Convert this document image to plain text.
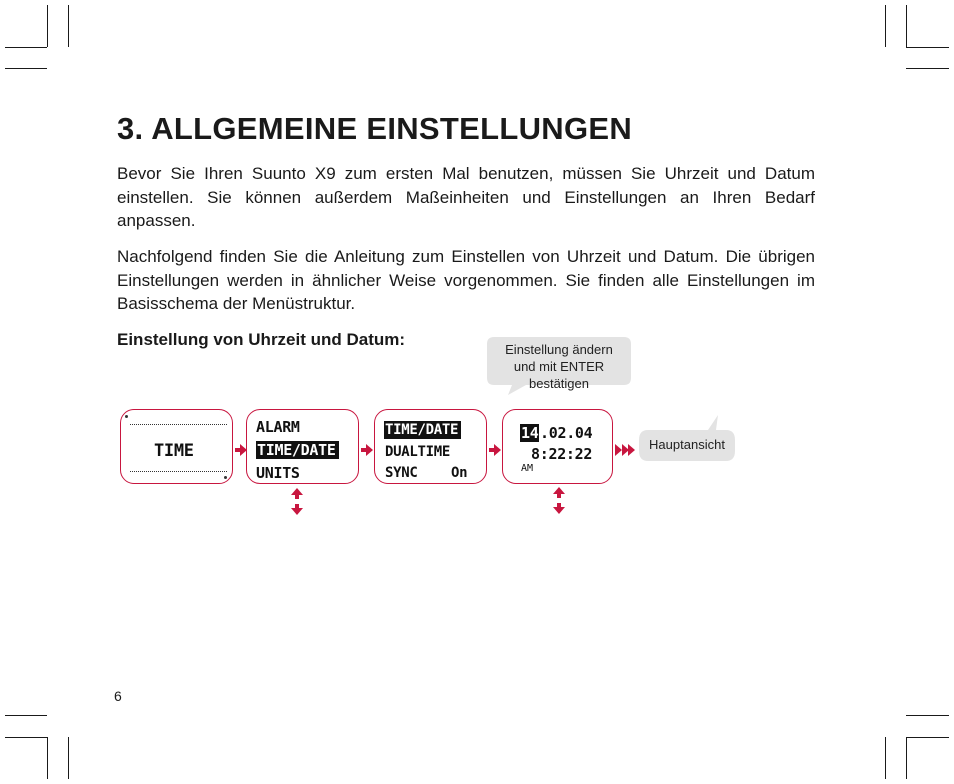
3. ALLGEMEINE EINSTELLUNGEN

Bevor Sie Ihren Suunto X9 zum ersten Mal benutzen, müssen Sie Uhrzeit und Datum einstellen. Sie können außerdem Maßeinheiten und Einstellungen an Ihren Bedarf anpassen.

Nachfolgend finden Sie die Anleitung zum Einstellen von Uhrzeit und Datum. Die übrigen Einstellungen werden in ähnlicher Weise vorgenommen. Sie finden alle Einstellungen im Basisschema der Menüstruktur.

Einstellung von Uhrzeit und Datum:
Einstellung ändern
und mit ENTER
bestätigen
TIME
ALARM
TIME/DATE
UNITS
TIME/DATE
DUALTIME
SYNC On
14 .02.04
8:22:22
AM
Hauptansicht
6
